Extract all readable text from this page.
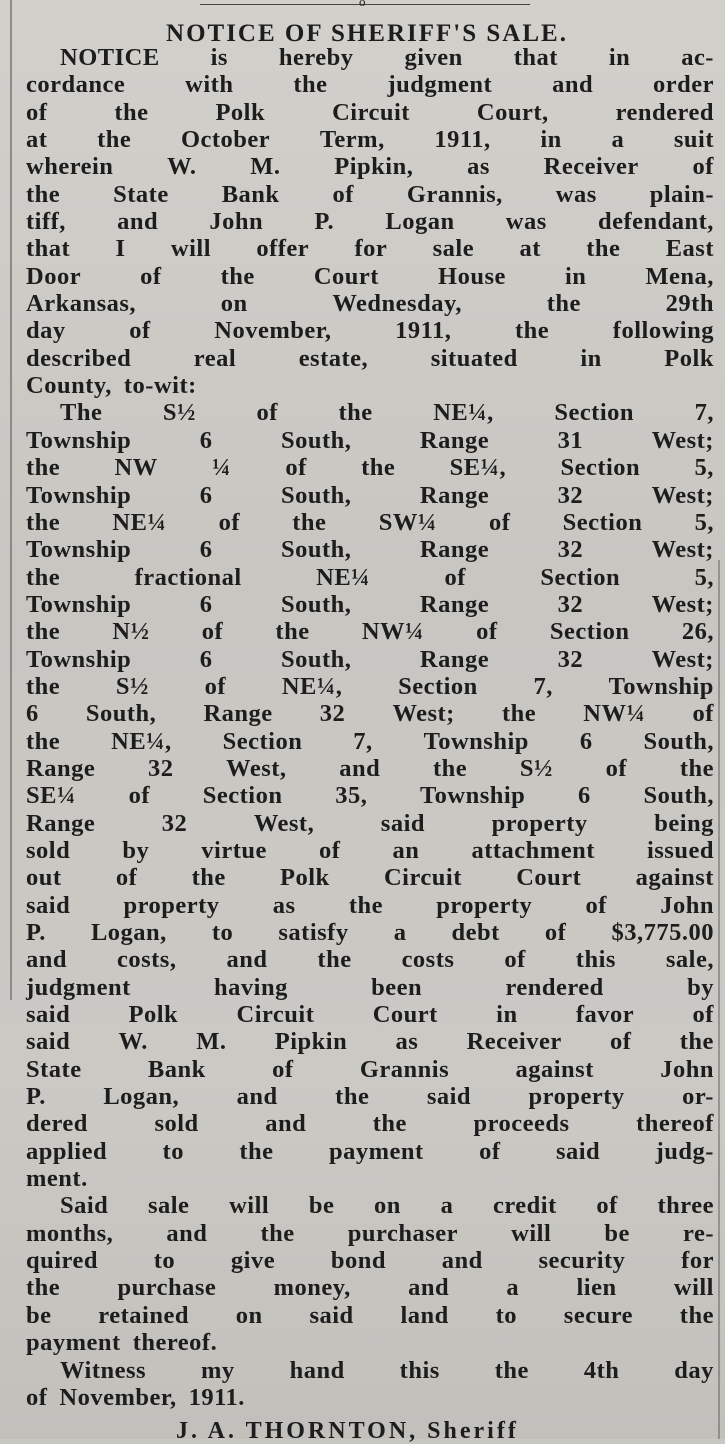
o
NOTICE OF SHERIFF'S SALE.
NOTICE is hereby given that in ac-
cordance with the judgment and order
of	the	Polk	Circuit	Court,	rendered
at the October Term, 1911, in a suit
wherein W. M. Pipkin, as Receiver of
the State Bank of Grannis, was plain-
tiff, and John P. Logan was defendant,
that I will offer for sale at the East
Door of the Court House in Mena,
Arkansas,	on	Wednesday,	the	29th
day	of	November,	1911,	the	following
described	real	estate,	situated	in	Polk
County, to-wit:
The S½ of the NE¼, Section 7,
Township	6	South,	Range	31	West;
the NW ¼ of the SE¼, Section 5,
Township	6	South,	Range	32	West;
the NE¼ of the SW¼ of Section 5,
Township	6	South,	Range	32	West;
the	fractional	NE¼	of	Section	5,
Township	6	South,	Range	32	West;
the N½ of the NW¼ of Section 26,
Township	6	South,	Range	32	West;
the S½ of NE¼, Section 7, Township
6 South, Range 32 West; the NW¼ of
the NE¼, Section 7, Township 6 South,
Range 32 West, and the S½ of the
SE¼ of Section 35, Township 6 South,
Range	32	West,	said	property	being
sold by virtue of an attachment issued
out of the Polk Circuit Court against
said property as the property of John
P. Logan, to satisfy a debt of $3,775.00
and costs, and the costs of this sale,
judgment	having	been	rendered	by
said Polk Circuit Court in favor of
said W. M. Pipkin as Receiver of the
State	Bank	of	Grannis	against	John
P. Logan, and the said property or-
dered	sold	and	the	proceeds	thereof
applied to the payment of said judg-
ment.
Said sale will be on a credit of three
months, and the purchaser will be re-
quired to give bond and security for
the purchase money, and a lien will
be retained on said land to secure the
payment thereof.
Witness my hand this the 4th day
of November, 1911.
J. A. THORNTON, Sheriff
